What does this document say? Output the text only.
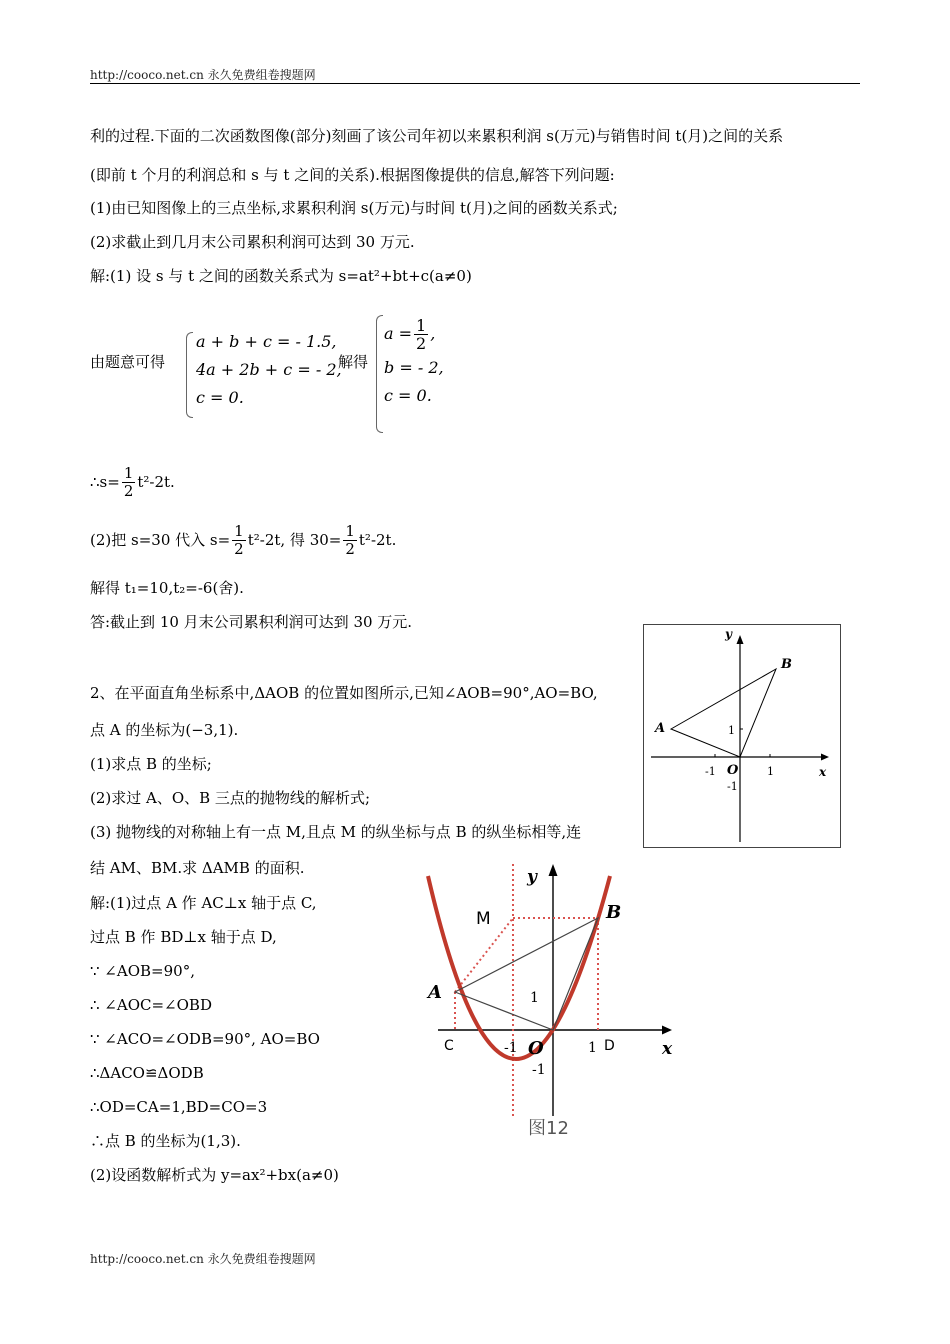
http://cooco.net.cn 永久免费组卷搜题网
利的过程.下面的二次函数图像(部分)刻画了该公司年初以来累积利润 s(万元)与销售时间 t(月)之间的关系
(即前 t 个月的利润总和 s 与 t 之间的关系).根据图像提供的信息,解答下列问题:
(1)由已知图像上的三点坐标,求累积利润 s(万元)与时间 t(月)之间的函数关系式;
(2)求截止到几月末公司累积利润可达到 30 万元.
解:(1) 设 s 与 t 之间的函数关系式为 s=at²+bt+c(a≠0)
由题意可得
a + b + c = - 1.5,
4a + 2b + c = - 2,
c = 0.
解得
$a = \frac{1}{2}$ ,
b = - 2,
c = 0.
∴s= $\frac{1}{2} t^2-2t$.
(2)把 s=30 代入 $s= \frac{1}{2} t^2-2t$, 得 $30= \frac{1}{2} t^2-2t$.
解得 t₁=10,t₂=-6(舍).
答:截止到 10 月末公司累积利润可达到 30 万元.
2、在平面直角坐标系中,ΔAOB 的位置如图所示,已知∠AOB=90°,AO=BO,
点 A 的坐标为(−3,1).
(1)求点 B 的坐标;
(2)求过 A、O、B 三点的抛物线的解析式;
(3) 抛物线的对称轴上有一点 M,且点 M 的纵坐标与点 B 的纵坐标相等,连
结 AM、BM.求 ΔAMB 的面积.
解:(1)过点 A 作 AC⊥x 轴于点 C,
过点 B 作 BD⊥x 轴于点 D,
∵ ∠AOB=90°,
∴ ∠AOC=∠OBD
∵ ∠ACO=∠ODB=90°, AO=BO
∴ΔACO≌ΔODB
∴OD=CA=1,BD=CO=3
∴点 B 的坐标为(1,3).
(2)设函数解析式为 y=ax²+bx(a≠0)
y
x
B
A
O
1
-1	1
-1
y
x
M	B
A
O
C	D
1
-1	1
-1
图12
http://cooco.net.cn 永久免费组卷搜题网
